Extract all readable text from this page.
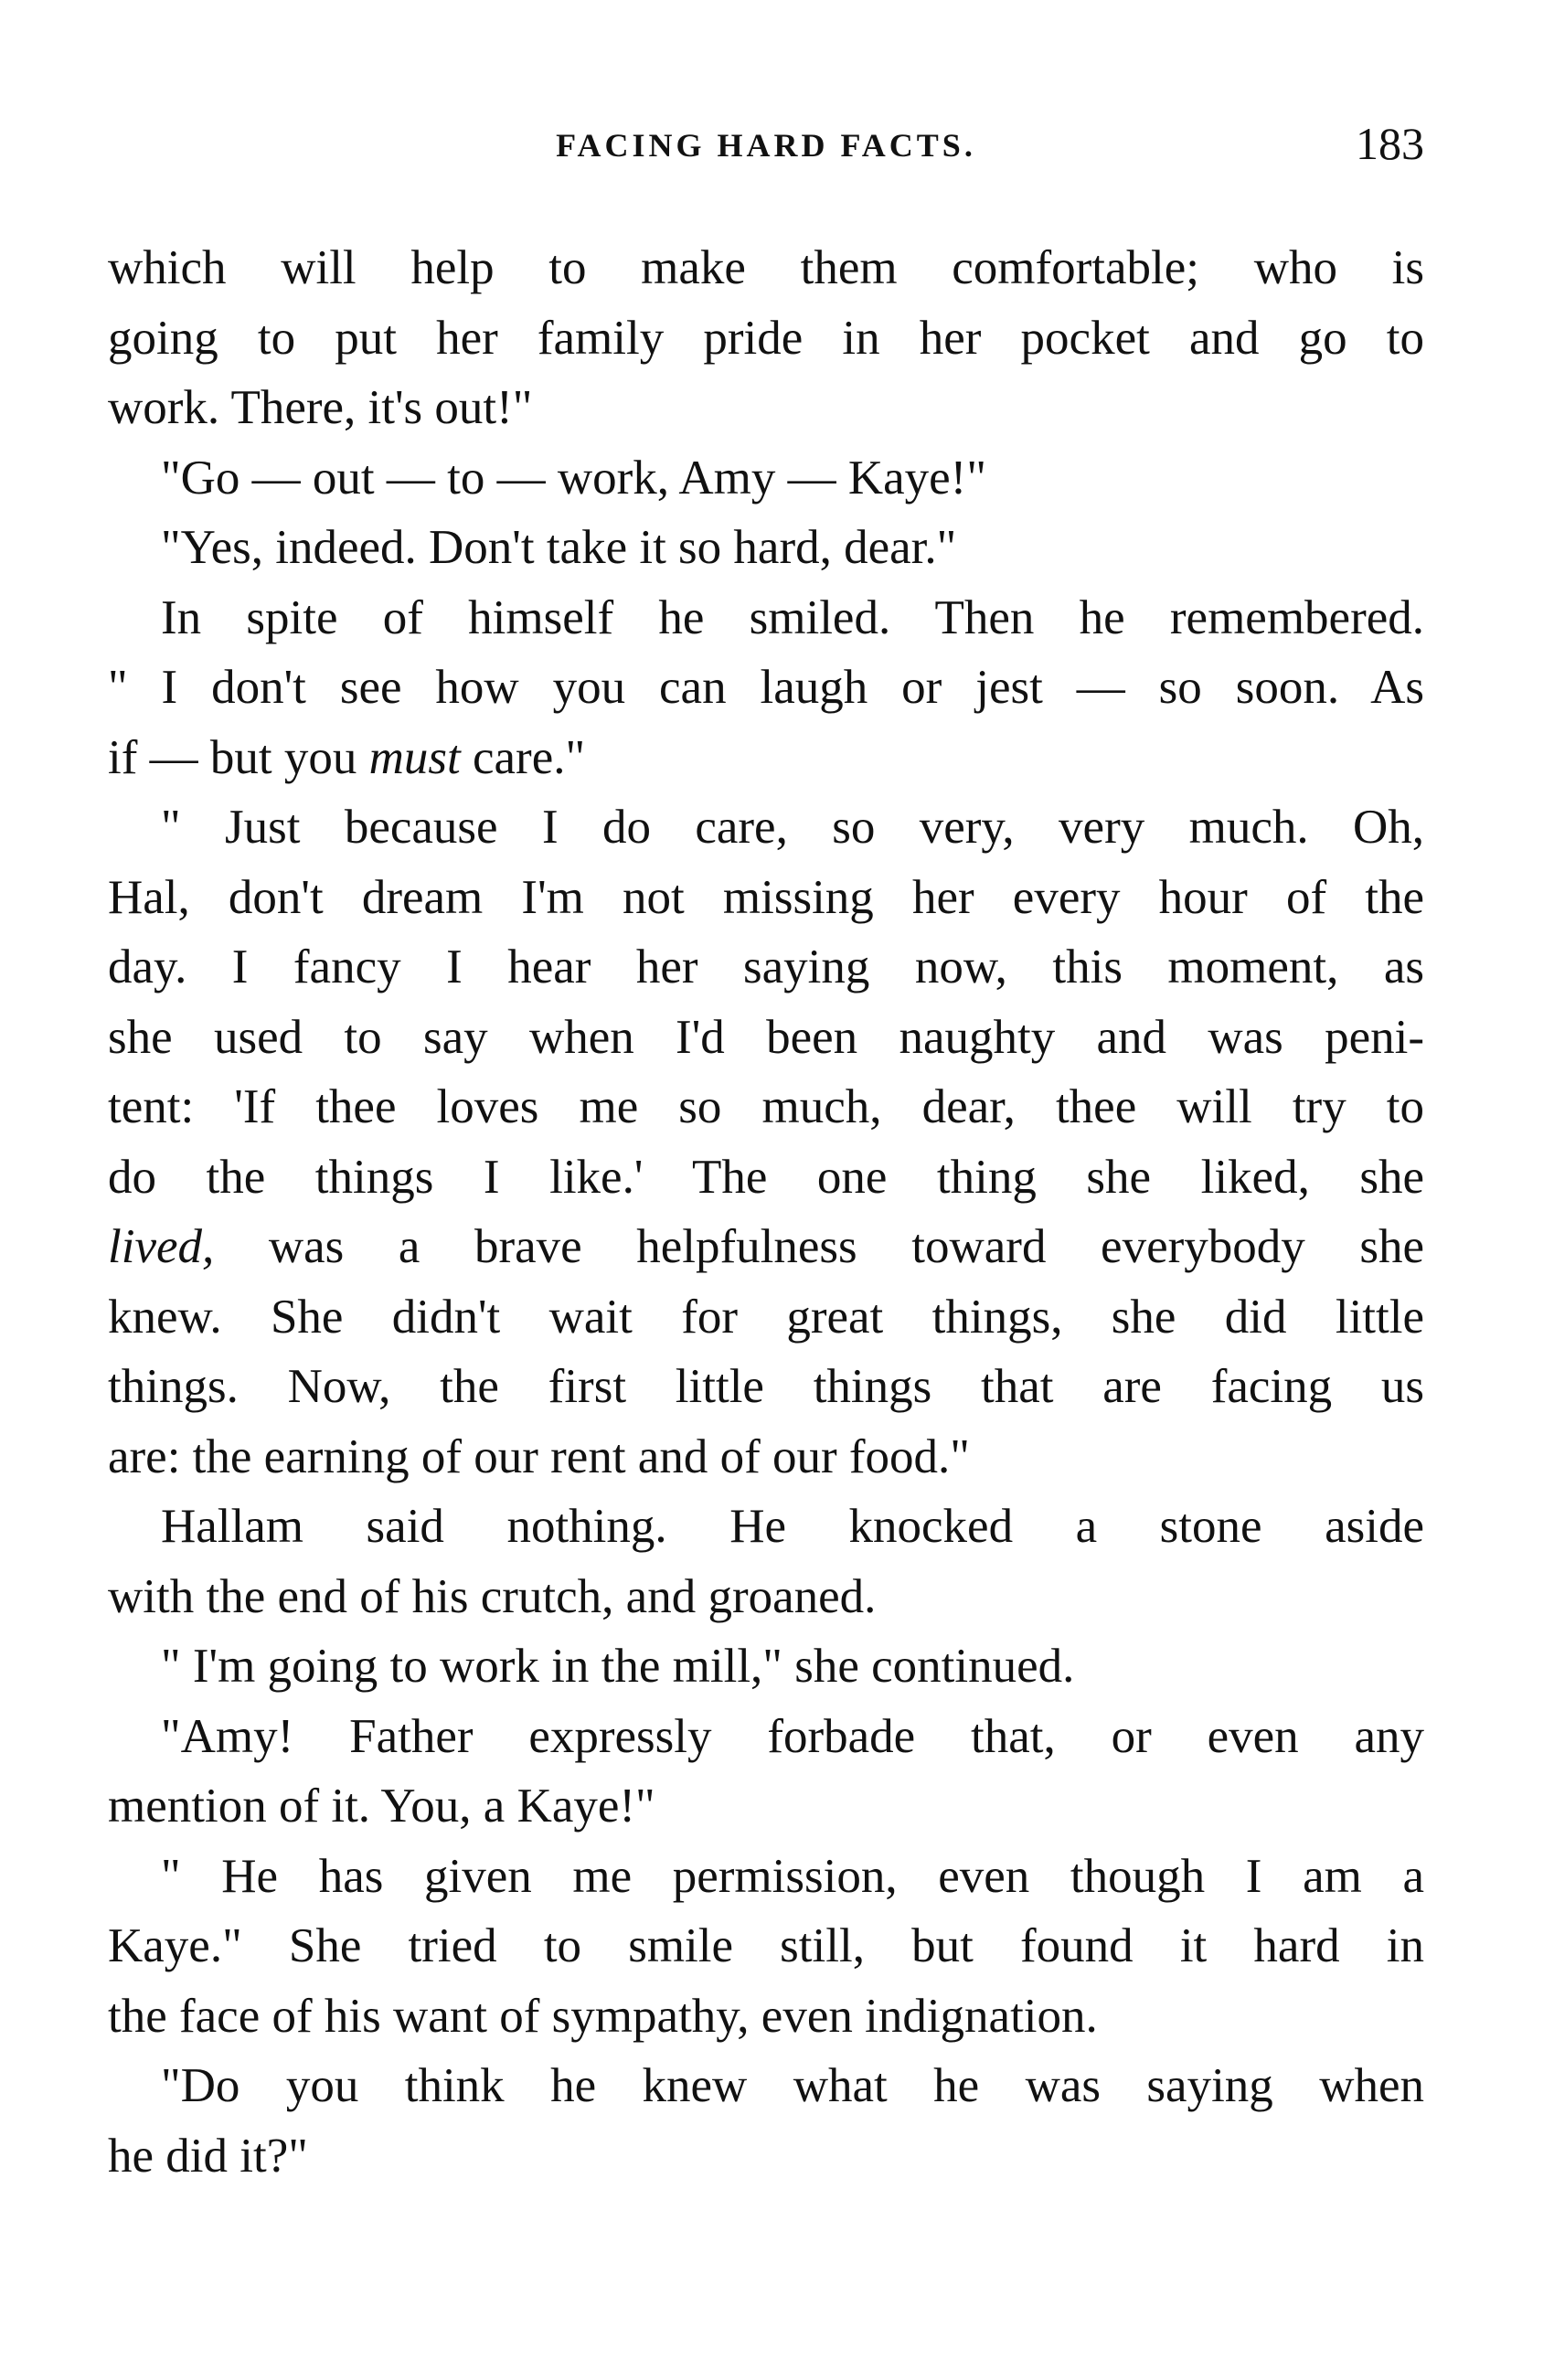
FACING HARD FACTS.	183
which will help to make them comfortable; who is
going to put her family pride in her pocket and go to
work. There, it's out!"
"Go — out — to — work, Amy — Kaye!"
"Yes, indeed. Don't take it so hard, dear."
In spite of himself he smiled. Then he remembered.
" I don't see how you can laugh or jest — so soon. As
if — but you must care."
" Just because I do care, so very, very much. Oh,
Hal, don't dream I'm not missing her every hour of the
day. I fancy I hear her saying now, this moment, as
she used to say when I'd been naughty and was peni-
tent: 'If thee loves me so much, dear, thee will try to
do the things I like.' The one thing she liked, she
lived, was a brave helpfulness toward everybody she
knew. She didn't wait for great things, she did little
things. Now, the first little things that are facing us
are: the earning of our rent and of our food."
Hallam said nothing. He knocked a stone aside
with the end of his crutch, and groaned.
" I'm going to work in the mill," she continued.
"Amy! Father expressly forbade that, or even any
mention of it. You, a Kaye!"
" He has given me permission, even though I am a
Kaye." She tried to smile still, but found it hard in
the face of his want of sympathy, even indignation.
"Do you think he knew what he was saying when
he did it?"
